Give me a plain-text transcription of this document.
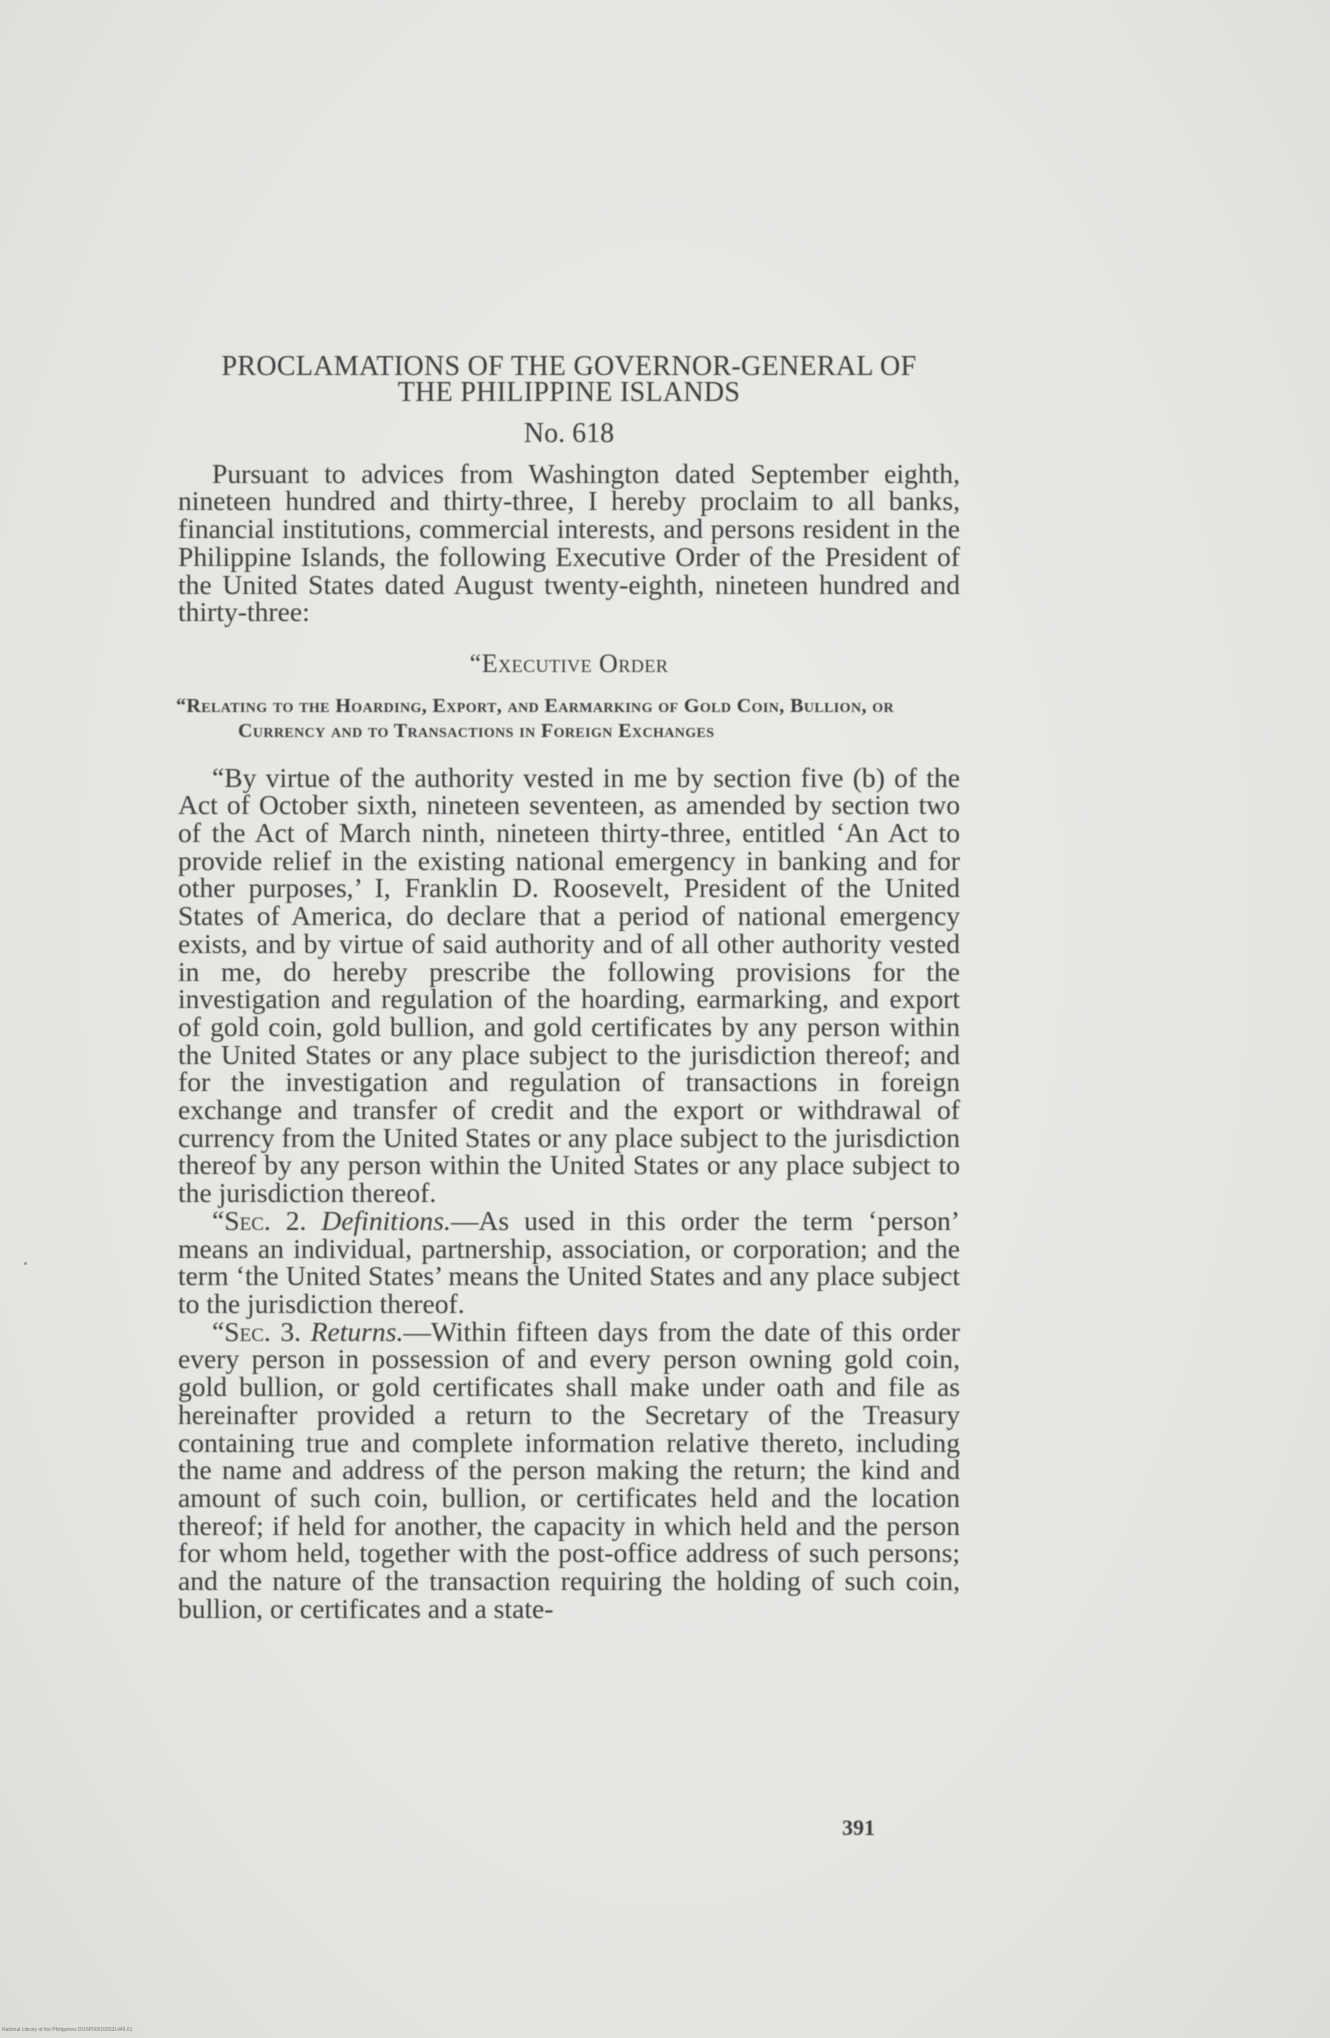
PROCLAMATIONS OF THE GOVERNOR-GENERAL OF
THE PHILIPPINE ISLANDS
No. 618

Pursuant to advices from Washington dated September eighth, nineteen hundred and thirty-three, I hereby proclaim to all banks, financial institutions, commercial interests, and persons resident in the Philippine Islands, the following Executive Order of the President of the United States dated August twenty-eighth, nineteen hundred and thirty-three:

“Executive Order
“Relating to the Hoarding, Export, and Earmarking of Gold Coin, Bullion, or Currency and to Transactions in Foreign Exchanges

“By virtue of the authority vested in me by section five (b) of the Act of October sixth, nineteen seventeen, as amended by section two of the Act of March ninth, nineteen thirty-three, entitled ‘An Act to provide relief in the existing national emergency in banking and for other purposes,’ I, Franklin D. Roosevelt, President of the United States of America, do declare that a period of national emergency exists, and by virtue of said authority and of all other authority vested in me, do hereby prescribe the following provisions for the investigation and regulation of the hoarding, earmarking, and export of gold coin, gold bullion, and gold certificates by any person within the United States or any place subject to the jurisdiction thereof; and for the investigation and regulation of transactions in foreign exchange and transfer of credit and the export or withdrawal of currency from the United States or any place subject to the jurisdiction thereof by any person within the United States or any place subject to the jurisdiction thereof.

“Sec. 2. Definitions.—As used in this order the term ‘person’ means an individual, partnership, association, or corporation; and the term ‘the United States’ means the United States and any place subject to the jurisdiction thereof.

“Sec. 3. Returns.—Within fifteen days from the date of this order every person in possession of and every person owning gold coin, gold bullion, or gold certificates shall make under oath and file as hereinafter provided a return to the Secretary of the Treasury containing true and complete information relative thereto, including the name and address of the person making the return; the kind and amount of such coin, bullion, or certificates held and the location thereof; if held for another, the capacity in which held and the person for whom held, together with the post-office address of such persons; and the nature of the transaction requiring the holding of such coin, bullion, or certificates and a state-

391
National Library of the Philippines DOSP000109331449.01
